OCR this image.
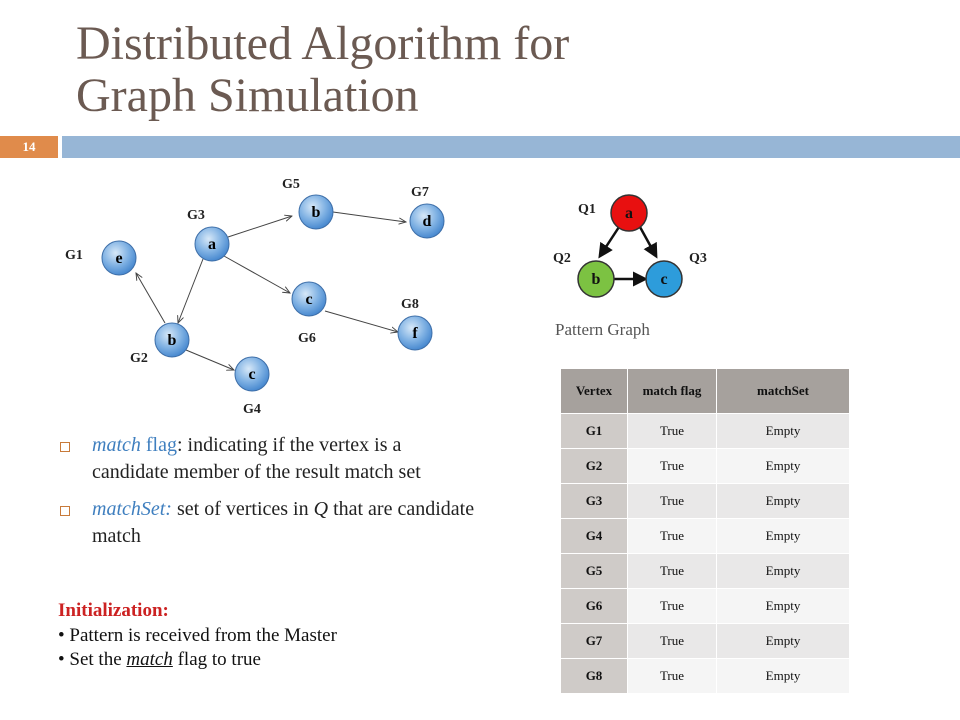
Distributed Algorithm for
Graph Simulation
14
e
a
b
b
c
c
d
f
G1
G2
G3
G4
G5
G6
G7
G8
a
b	c
Q1
Q2	Q3
Pattern Graph
match flag: indicating if the vertex is a candidate member of the result match set
matchSet: set of vertices in Q that are candidate match
Initialization:
• Pattern is received from the Master
• Set the match flag to true
Vertex	match flag	matchSet
G1	True	Empty
G2	True	Empty
G3	True	Empty
G4	True	Empty
G5	True	Empty
G6	True	Empty
G7	True	Empty
G8	True	Empty
